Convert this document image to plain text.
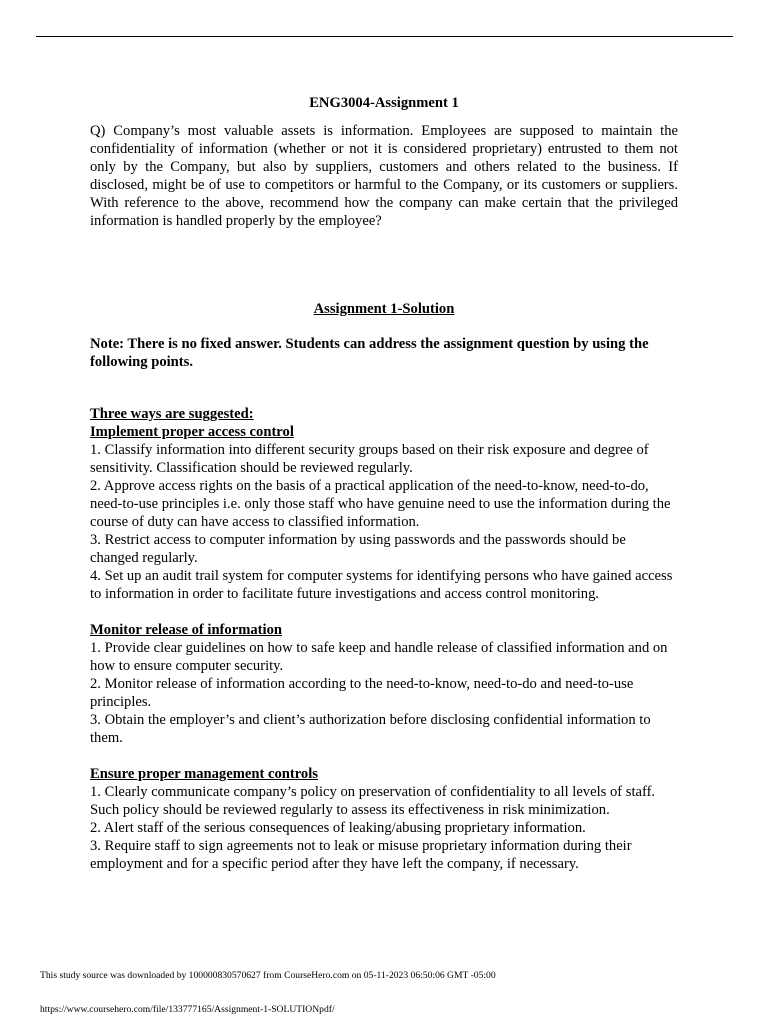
ENG3004-Assignment 1

Q) Company’s most valuable assets is information. Employees are supposed to maintain the confidentiality of information (whether or not it is considered proprietary) entrusted to them not only by the Company, but also by suppliers, customers and others related to the business. If disclosed, might be of use to competitors or harmful to the Company, or its customers or suppliers. With reference to the above, recommend how the company can make certain that the privileged information is handled properly by the employee?

Assignment 1-Solution

Note: There is no fixed answer. Students can address the assignment question by using the following points.

Three ways are suggested:

Implement proper access control

1. Classify information into different security groups based on their risk exposure and degree of sensitivity. Classification should be reviewed regularly.

2. Approve access rights on the basis of a practical application of the need-to-know, need-to-do, need-to-use principles i.e. only those staff who have genuine need to use the information during the course of duty can have access to classified information.

3. Restrict access to computer information by using passwords and the passwords should be changed regularly.

4. Set up an audit trail system for computer systems for identifying persons who have gained access to information in order to facilitate future investigations and access control monitoring.

Monitor release of information

1. Provide clear guidelines on how to safe keep and handle release of classified information and on how to ensure computer security.

2. Monitor release of information according to the need-to-know, need-to-do and need-to-use principles.

3. Obtain the employer’s and client’s authorization before disclosing confidential information to them.

Ensure proper management controls

1. Clearly communicate company’s policy on preservation of confidentiality to all levels of staff. Such policy should be reviewed regularly to assess its effectiveness in risk minimization.

2. Alert staff of the serious consequences of leaking/abusing proprietary information.

3. Require staff to sign agreements not to leak or misuse proprietary information during their employment and for a specific period after they have left the company, if necessary.

This study source was downloaded by 100000830570627 from CourseHero.com on 05-11-2023 06:50:06 GMT -05:00
https://www.coursehero.com/file/133777165/Assignment-1-SOLUTIONpdf/
